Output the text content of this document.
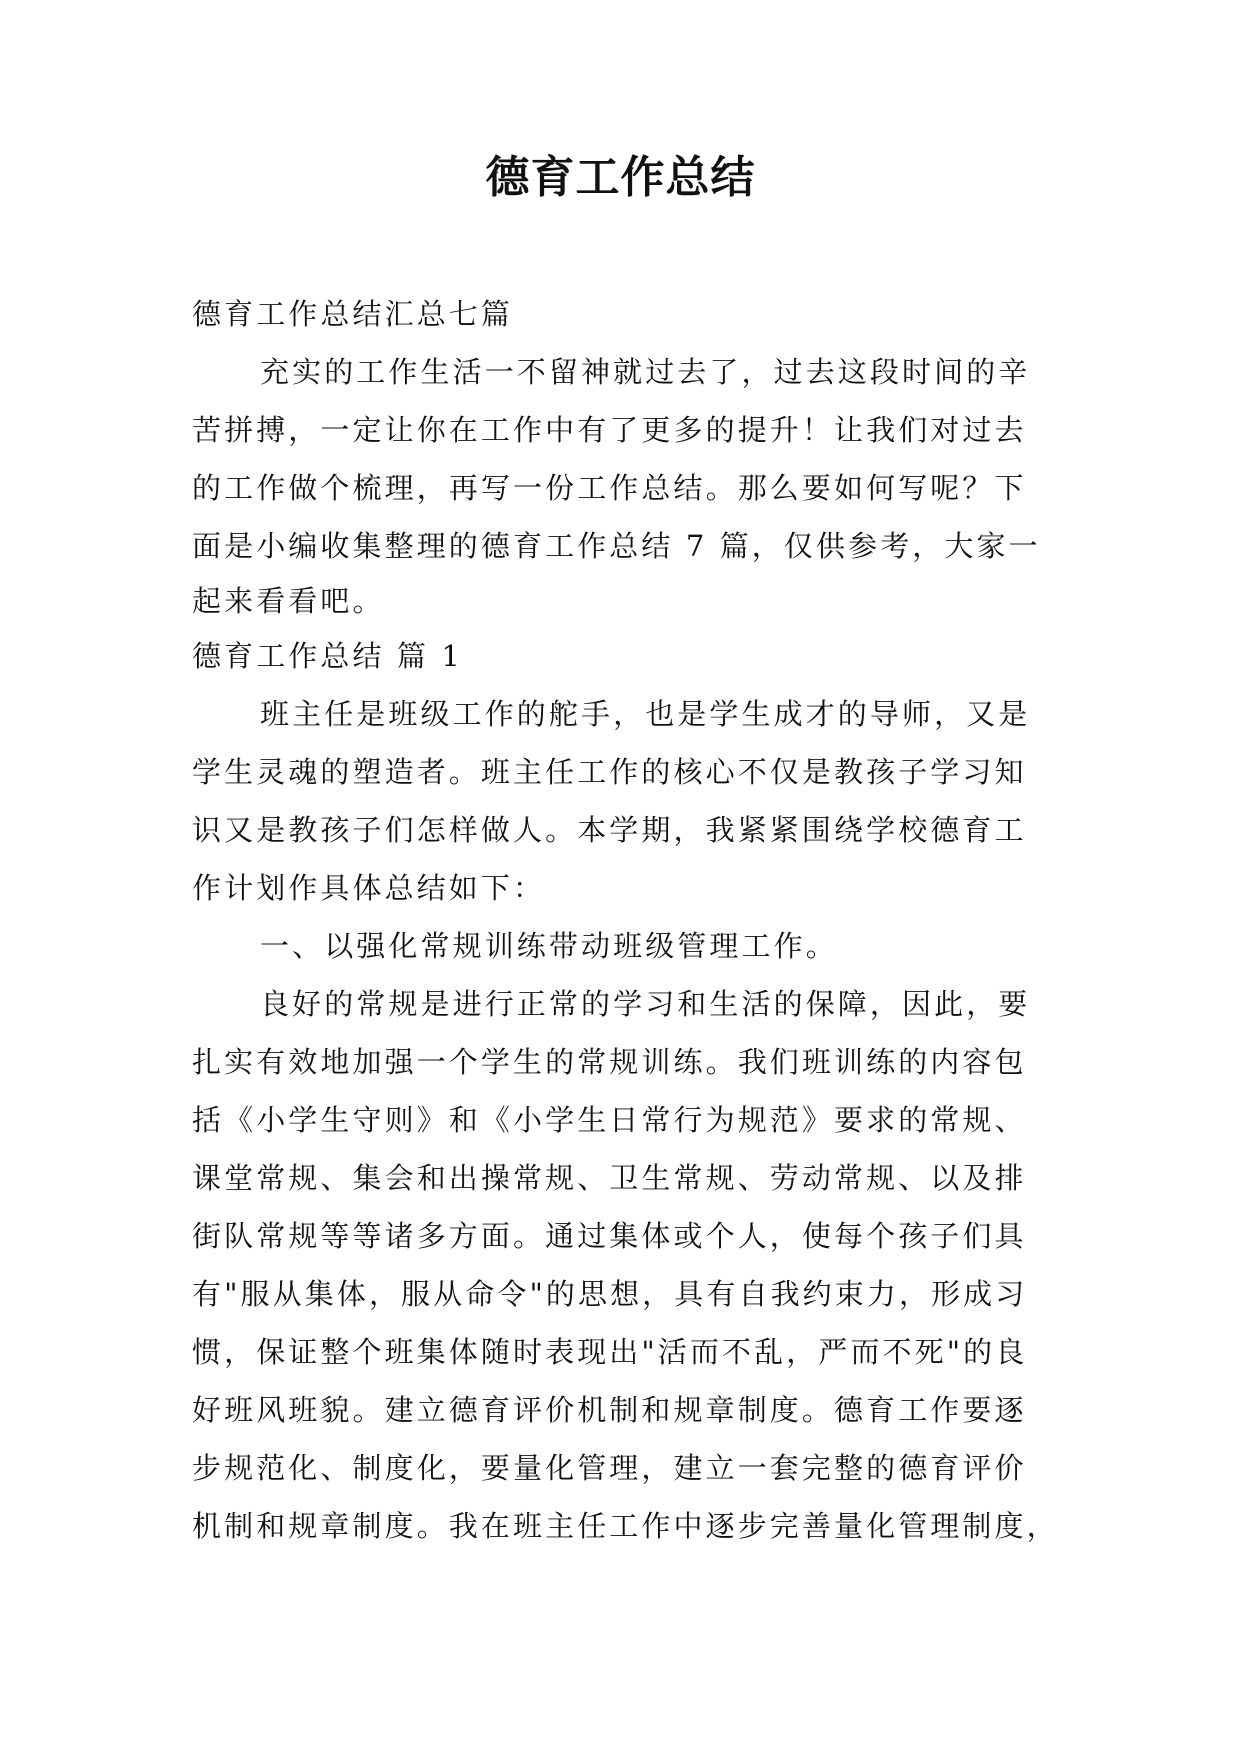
德育工作总结
德育工作总结汇总七篇
充实的工作生活一不留神就过去了，过去这段时间的辛
苦拼搏，一定让你在工作中有了更多的提升！让我们对过去
的工作做个梳理，再写一份工作总结。那么要如何写呢？下
面是小编收集整理的德育工作总结 7 篇，仅供参考，大家一
起来看看吧。
德育工作总结 篇 1
班主任是班级工作的舵手，也是学生成才的导师，又是
学生灵魂的塑造者。班主任工作的核心不仅是教孩子学习知
识又是教孩子们怎样做人。本学期，我紧紧围绕学校德育工
作计划作具体总结如下：
一、以强化常规训练带动班级管理工作。
良好的常规是进行正常的学习和生活的保障，因此，要
扎实有效地加强一个学生的常规训练。我们班训练的内容包
括《小学生守则》和《小学生日常行为规范》要求的常规、
课堂常规、集会和出操常规、卫生常规、劳动常规、以及排
街队常规等等诸多方面。通过集体或个人，使每个孩子们具
有"服从集体，服从命令"的思想，具有自我约束力，形成习
惯，保证整个班集体随时表现出"活而不乱，严而不死"的良
好班风班貌。建立德育评价机制和规章制度。德育工作要逐
步规范化、制度化，要量化管理，建立一套完整的德育评价
机制和规章制度。我在班主任工作中逐步完善量化管理制度，
